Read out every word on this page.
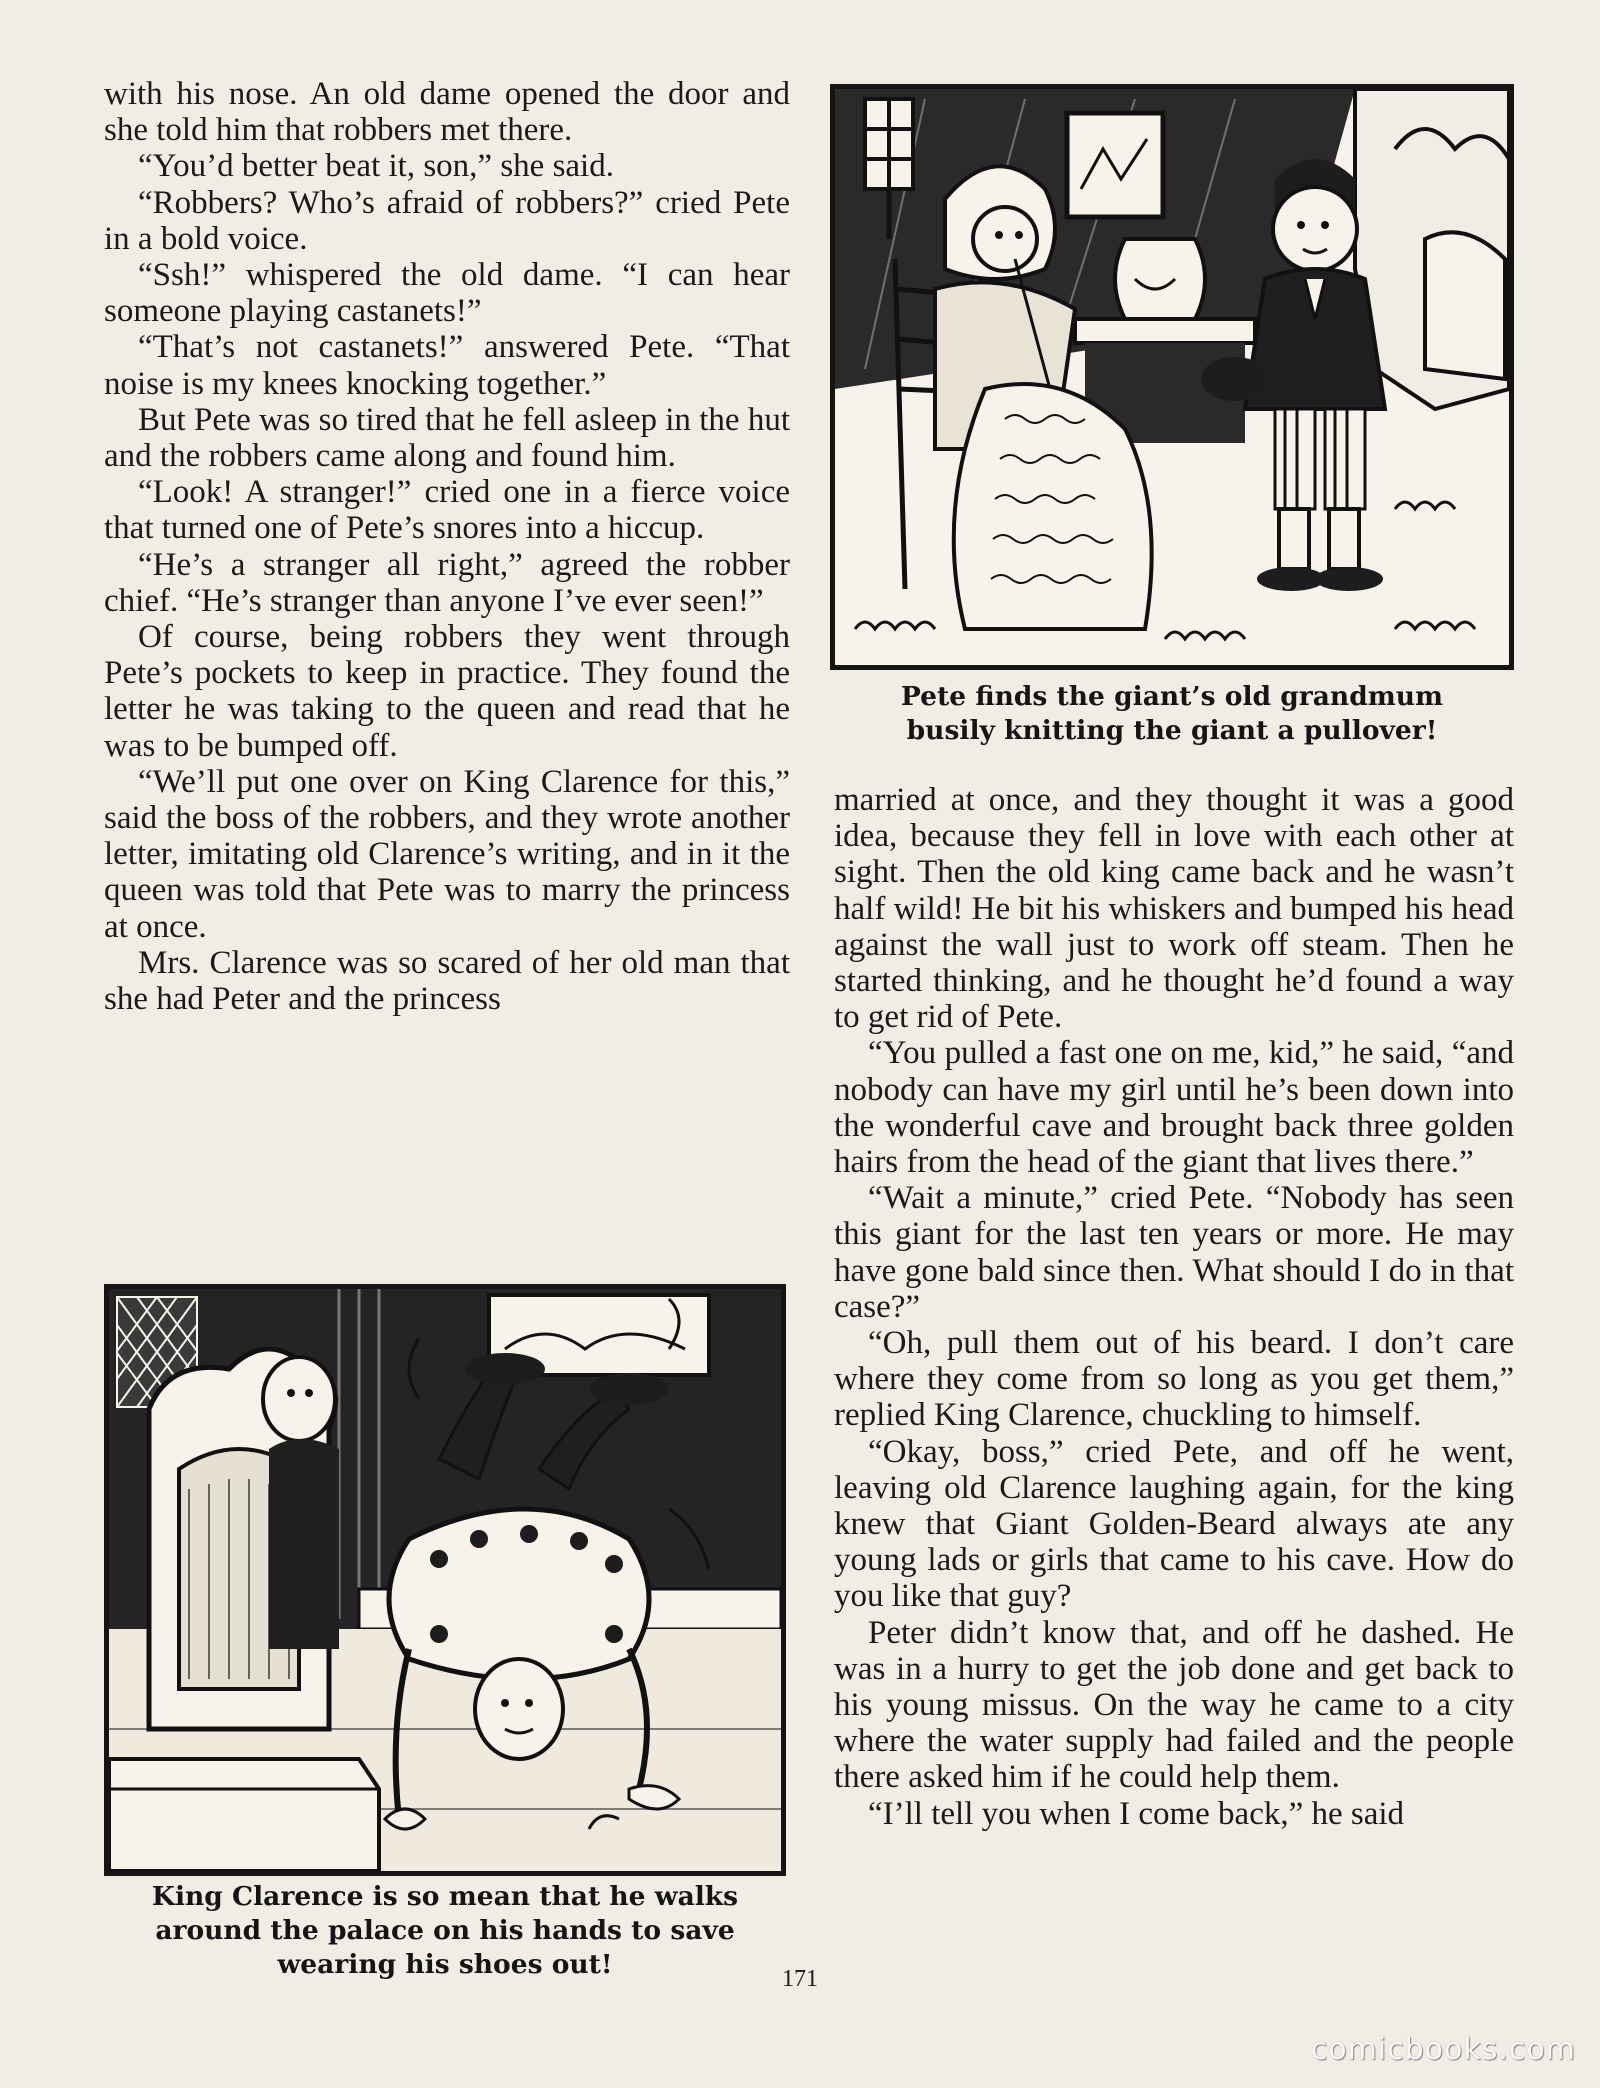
with his nose. An old dame opened the door and she told him that robbers met there.

“You’d better beat it, son,” she said.

“Robbers? Who’s afraid of robbers?” cried Pete in a bold voice.

“Ssh!” whispered the old dame. “I can hear someone playing castanets!”

“That’s not castanets!” answered Pete. “That noise is my knees knocking together.”

But Pete was so tired that he fell asleep in the hut and the robbers came along and found him.

“Look! A stranger!” cried one in a fierce voice that turned one of Pete’s snores into a hiccup.

“He’s a stranger all right,” agreed the robber chief. “He’s stranger than anyone I’ve ever seen!”

Of course, being robbers they went through Pete’s pockets to keep in practice. They found the letter he was taking to the queen and read that he was to be bumped off.

“We’ll put one over on King Clarence for this,” said the boss of the robbers, and they wrote another letter, imitating old Clarence’s writing, and in it the queen was told that Pete was to marry the princess at once.

Mrs. Clarence was so scared of her old man that she had Peter and the princess

Pete finds the giant’s old grandmum
busily knitting the giant a pullover!

married at once, and they thought it was a good idea, because they fell in love with each other at sight. Then the old king came back and he wasn’t half wild! He bit his whiskers and bumped his head against the wall just to work off steam. Then he started thinking, and he thought he’d found a way to get rid of Pete.

“You pulled a fast one on me, kid,” he said, “and nobody can have my girl until he’s been down into the wonderful cave and brought back three golden hairs from the head of the giant that lives there.”

“Wait a minute,” cried Pete. “Nobody has seen this giant for the last ten years or more. He may have gone bald since then. What should I do in that case?”

“Oh, pull them out of his beard. I don’t care where they come from so long as you get them,” replied King Clarence, chuckling to himself.

“Okay, boss,” cried Pete, and off he went, leaving old Clarence laughing again, for the king knew that Giant Golden-Beard always ate any young lads or girls that came to his cave. How do you like that guy?

Peter didn’t know that, and off he dashed. He was in a hurry to get the job done and get back to his young missus. On the way he came to a city where the water supply had failed and the people there asked him if he could help them.

“I’ll tell you when I come back,” he said

King Clarence is so mean that he walks
around the palace on his hands to save
wearing his shoes out!	171
comicbooks.com
